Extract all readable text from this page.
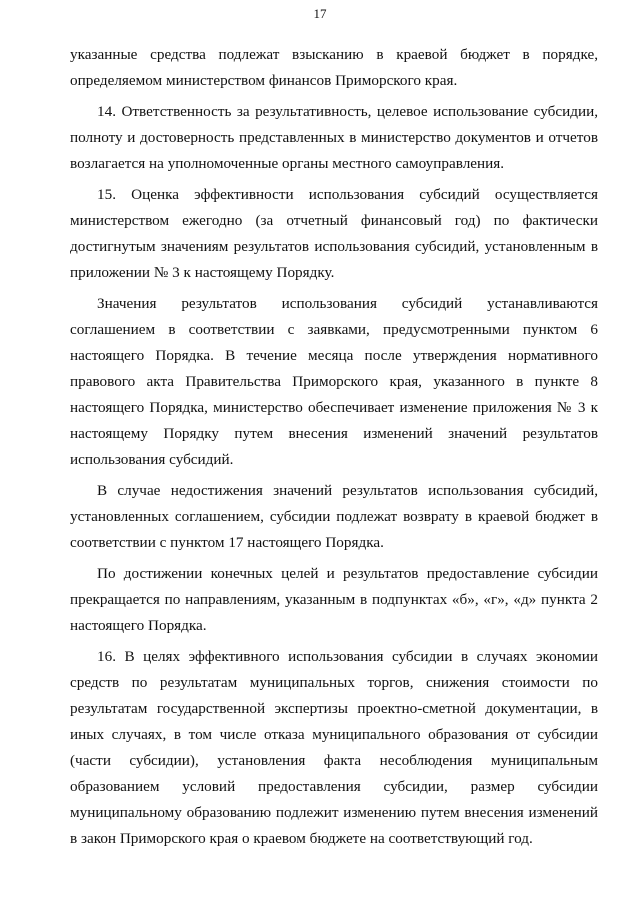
17

указанные средства подлежат взысканию в краевой бюджет в порядке, определяемом министерством финансов Приморского края.

14. Ответственность за результативность, целевое использование субсидии, полноту и достоверность представленных в министерство документов и отчетов возлагается на уполномоченные органы местного самоуправления.

15. Оценка эффективности использования субсидий осуществляется министерством ежегодно (за отчетный финансовый год) по фактически достигнутым значениям результатов использования субсидий, установленным в приложении № 3 к настоящему Порядку.

Значения результатов использования субсидий устанавливаются соглашением в соответствии с заявками, предусмотренными пунктом 6 настоящего Порядка. В течение месяца после утверждения нормативного правового акта Правительства Приморского края, указанного в пункте 8 настоящего Порядка, министерство обеспечивает изменение приложения № 3 к настоящему Порядку путем внесения изменений значений результатов использования субсидий.

В случае недостижения значений результатов использования субсидий, установленных соглашением, субсидии подлежат возврату в краевой бюджет в соответствии с пунктом 17 настоящего Порядка.

По достижении конечных целей и результатов предоставление субсидии прекращается по направлениям, указанным в подпунктах «б», «г», «д» пункта 2 настоящего Порядка.

16. В целях эффективного использования субсидии в случаях экономии средств по результатам муниципальных торгов, снижения стоимости по результатам государственной экспертизы проектно-сметной документации, в иных случаях, в том числе отказа муниципального образования от субсидии (части субсидии), установления факта несоблюдения муниципальным образованием условий предоставления субсидии, размер субсидии муниципальному образованию подлежит изменению путем внесения изменений в закон Приморского края о краевом бюджете на соответствующий год.
